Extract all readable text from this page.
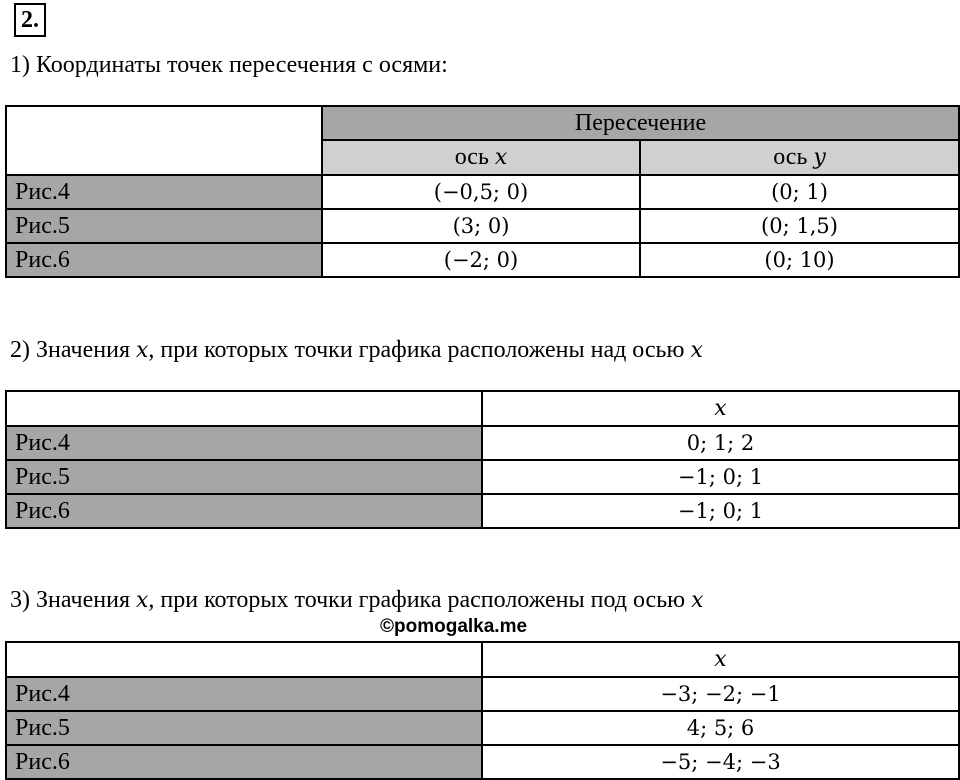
2.
1) Координаты точек пересечения с осями:
	Пересечение	
	ось x	ось y
Рис.4	(−0,5; 0)	(0; 1)
Рис.5	(3; 0)	(0; 1,5)
Рис.6	(−2; 0)	(0; 10)
2) Значения x, при которых точки графика расположены над осью x
	x
Рис.4	0; 1; 2
Рис.5	−1; 0; 1
Рис.6	−1; 0; 1
3) Значения x, при которых точки графика расположены под осью x
©pomogalka.me
	x
Рис.4	−3; −2; −1
Рис.5	4; 5; 6
Рис.6	−5; −4; −3
